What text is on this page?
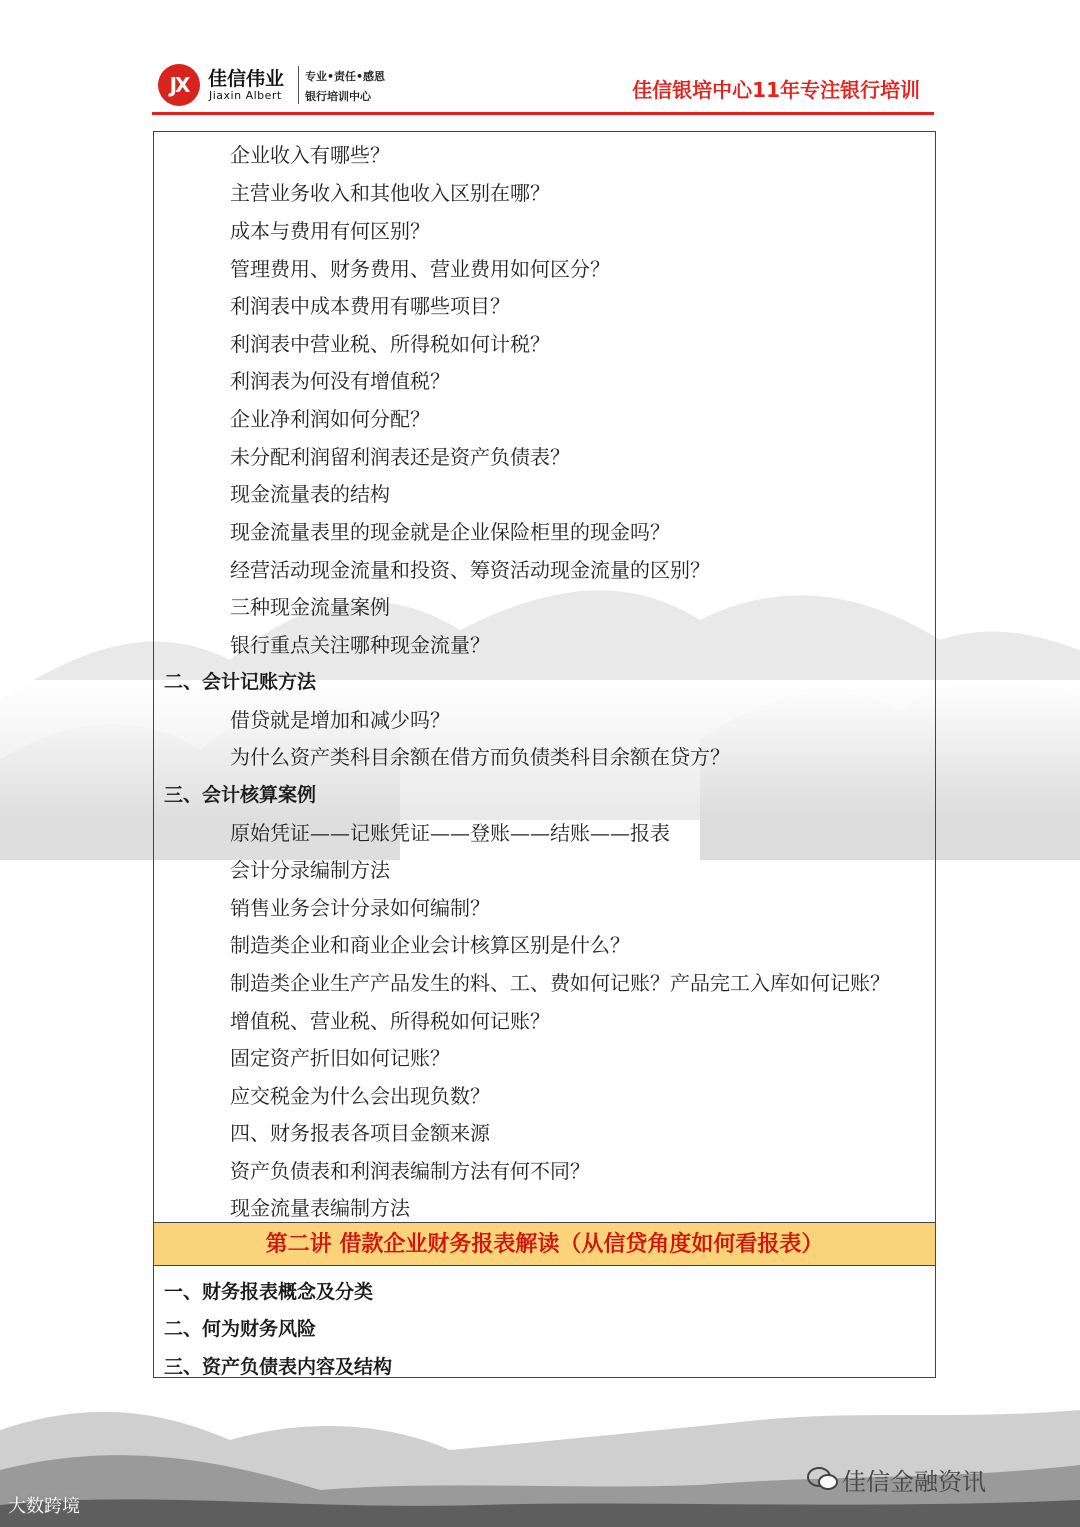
JX	佳信伟业
Jiaxin Albert
专业•责任•感恩
银行培训中心	佳信银培中心11年专注银行培训
企业收入有哪些？
主营业务收入和其他收入区别在哪？
成本与费用有何区别？
管理费用、财务费用、营业费用如何区分？
利润表中成本费用有哪些项目？
利润表中营业税、所得税如何计税？
利润表为何没有增值税？
企业净利润如何分配？
未分配利润留利润表还是资产负债表？
现金流量表的结构
现金流量表里的现金就是企业保险柜里的现金吗？
经营活动现金流量和投资、筹资活动现金流量的区别？
三种现金流量案例
银行重点关注哪种现金流量？
二、会计记账方法
借贷就是增加和减少吗？
为什么资产类科目余额在借方而负债类科目余额在贷方？
三、会计核算案例
原始凭证——记账凭证——登账——结账——报表
会计分录编制方法
销售业务会计分录如何编制？
制造类企业和商业企业会计核算区别是什么？
制造类企业生产产品发生的料、工、费如何记账？产品完工入库如何记账？
增值税、营业税、所得税如何记账？
固定资产折旧如何记账？
应交税金为什么会出现负数？
四、财务报表各项目金额来源
资产负债表和利润表编制方法有何不同？
现金流量表编制方法
第二讲 借款企业财务报表解读（从信贷角度如何看报表）
一、财务报表概念及分类
二、何为财务风险
三、资产负债表内容及结构
大数跨境
佳信金融资讯
